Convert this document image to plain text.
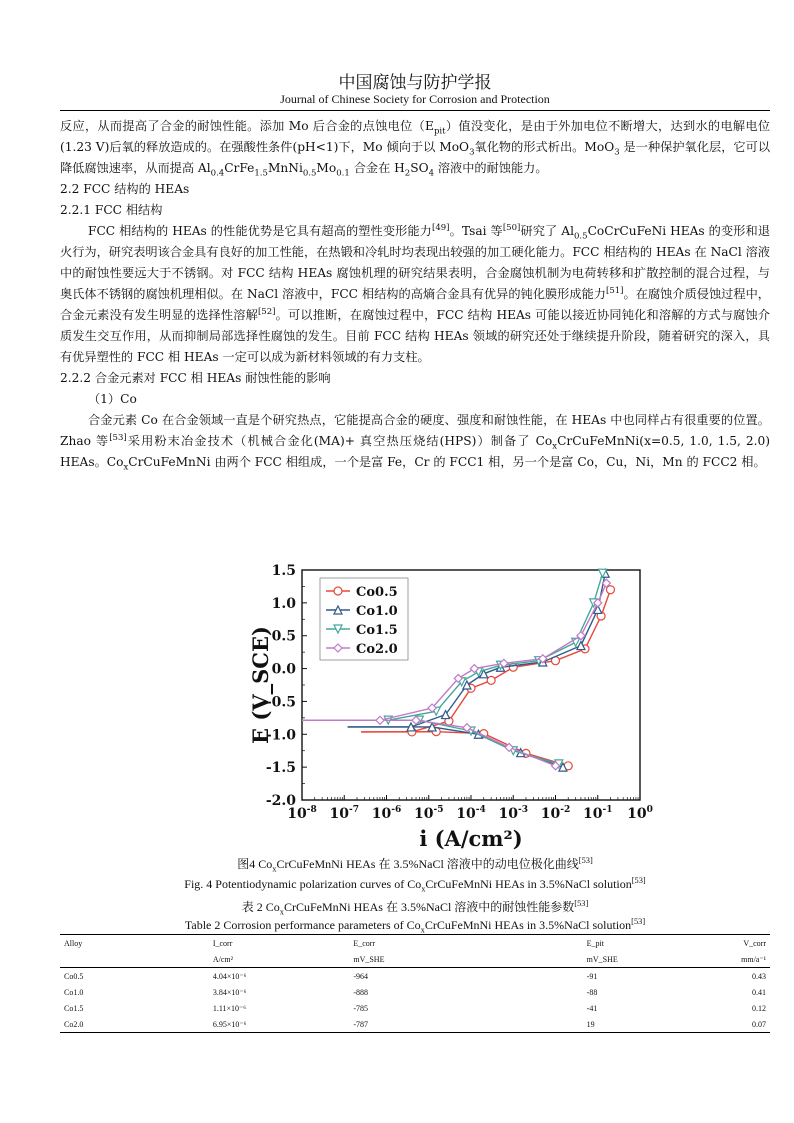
中国腐蚀与防护学报
Journal of Chinese Society for Corrosion and Protection

反应，从而提高了合金的耐蚀性能。添加 Mo 后合金的点蚀电位$(E_{pit})$值没变化，是由于外加电位不断增大，达到水的电解电位(1.23 V)后氧的释放造成的。在强酸性条件(pH<1)下，Mo 倾向于以 MoO$_3$氧化物的形式析出。MoO$_3$ 是一种保护氧化层，它可以降低腐蚀速率，从而提高 $Al_{0.4}CrFe_{1.5}MnNi_{0.5}Mo_{0.1}$ 合金在 $H_2SO_4$ 溶液中的耐蚀能力。

2.2 FCC 结构的 HEAs

2.2.1 FCC 相结构

FCC 相结构的 HEAs 的性能优势是它具有超高的塑性变形能力[49]。Tsai 等[50]研究了 $Al_{0.5}CoCrCuFeNi$ HEAs 的变形和退火行为，研究表明该合金具有良好的加工性能，在热锻和冷轧时均表现出较强的加工硬化能力。FCC 相结构的 HEAs 在 NaCl 溶液中的耐蚀性要远大于不锈钢。对 FCC 结构 HEAs 腐蚀机理的研究结果表明，合金腐蚀机制为电荷转移和扩散控制的混合过程，与奥氏体不锈钢的腐蚀机理相似。在 NaCl 溶液中，FCC 相结构的高熵合金具有优异的钝化膜形成能力[51]。在腐蚀介质侵蚀过程中，合金元素没有发生明显的选择性溶解[52]。可以推断，在腐蚀过程中，FCC 结构 HEAs 可能以接近协同钝化和溶解的方式与腐蚀介质发生交互作用，从而抑制局部选择性腐蚀的发生。目前 FCC 结构 HEAs 领域的研究还处于继续提升阶段，随着研究的深入，具有优异塑性的 FCC 相 HEAs 一定可以成为新材料领域的有力支柱。

2.2.2 合金元素对 FCC 相 HEAs 耐蚀性能的影响

（1）Co

合金元素 Co 在合金领域一直是个研究热点，它能提高合金的硬度、强度和耐蚀性能，在 HEAs 中也同样占有很重要的位置。Zhao 等[53]采用粉末冶金技术（机械合金化(MA)+ 真空热压烧结(HPS)）制备了 $Co_xCrCuFeMnNi(x=0.5$, 1.0, 1.5, 2.0) HEAs。$Co_xCrCuFeMnNi$ 由两个 FCC 相组成，一个是富 Fe，Cr 的 FCC1 相，另一个是富 Co，Cu，Ni，Mn 的 FCC2 相。

$10^{-8}$ $10^{-7}$ $10^{-6}$ $10^{-5}$ $10^{-4}$ $10^{-3}$ $10^{-2}$ $10^{-1}$ $10^0$
1.5
1.0
0.5
0.0
-0.5
-1.0
-1.5
-2.0
i (A/cm²)
E (V_SCE)
Co0.5
Co1.0
Co1.5
Co2.0
图4 $Co_xCrCuFeMnNi$ HEAs 在 3.5%NaCl 溶液中的动电位极化曲线[53]
Fig. 4 Potentiodynamic polarization curves of $Co_xCrCuFeMnNi$ HEAs in 3.5%NaCl solution[53]
表 2 $Co_xCrCuFeMnNi$ HEAs 在 3.5%NaCl 溶液中的耐蚀性能参数[53]
Table 2 Corrosion performance parameters of $Co_xCrCuFeMnNi$ HEAs in 3.5%NaCl solution[53]
Alloy	I_corr	E_corr	E_pit	V_corr
	A/cm²	mV_SHE	mV_SHE	mm/a⁻¹
Co0.5	4.04×10⁻⁶	-964	-91	0.43
Co1.0	3.84×10⁻⁶	-888	-88	0.41
Co1.5	1.11×10⁻⁶	-785	-41	0.12
Co2.0	6.95×10⁻⁶	-787	19	0.07
